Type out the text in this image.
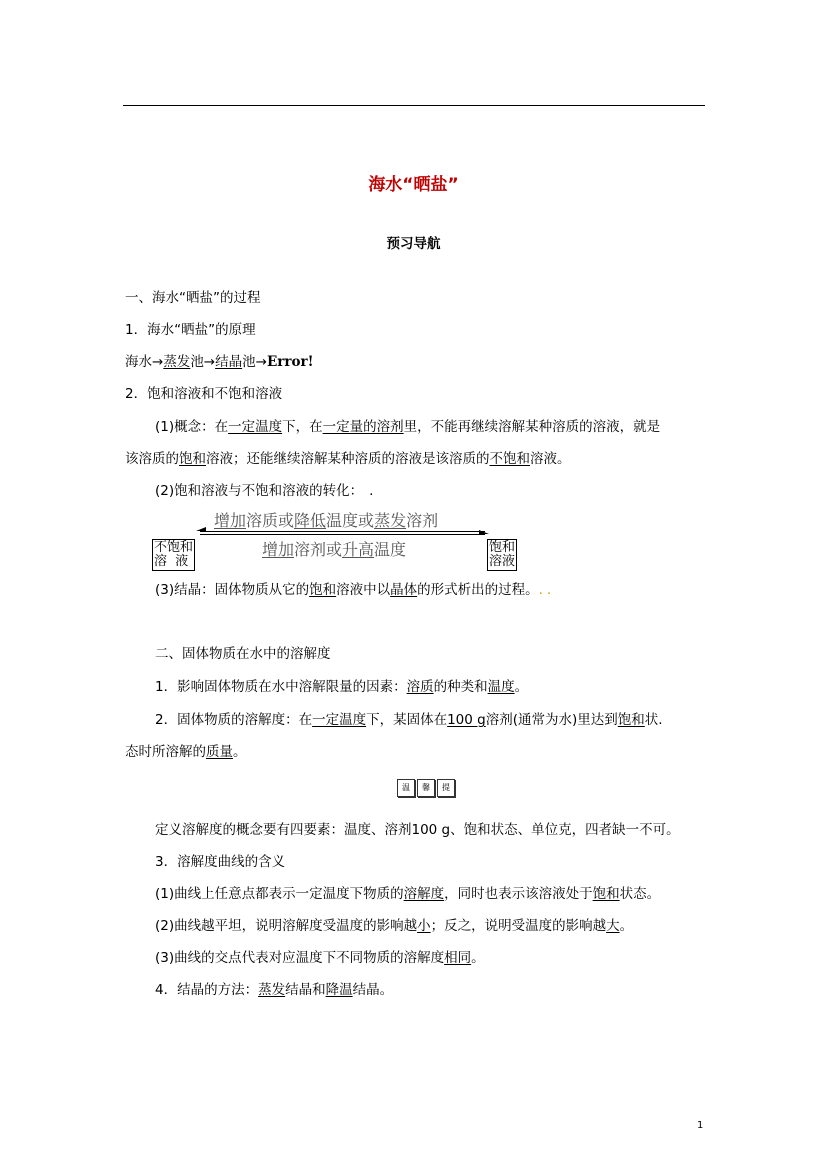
海水“晒盐”
预习导航
一、海水“晒盐”的过程
1．海水“晒盐”的原理
海水→蒸发池→结晶池→Error!
2．饱和溶液和不饱和溶液
(1)概念：在一定温度下，在一定量的溶剂里，不能再继续溶解某种溶质的溶液，就是
该溶质的饱和溶液；还能继续溶解某种溶质的溶液是该溶质的不饱和溶液。
(2)饱和溶液与不饱和溶液的转化： .
增加溶质或降低温度或蒸发溶剂
增加溶剂或升高温度
不饱和
溶  液
饱和
溶液
(3)结晶：固体物质从它的饱和溶液中以晶体的形式析出的过程。. .
二、固体物质在水中的溶解度
1．影响固体物质在水中溶解限量的因素：溶质的种类和温度。
2．固体物质的溶解度：在一定温度下，某固体在100 g溶剂(通常为水)里达到饱和状.
态时所溶解的质量。
温 馨 提
定义溶解度的概念要有四要素：温度、溶剂100 g、饱和状态、单位克，四者缺一不可。
3．溶解度曲线的含义
(1)曲线上任意点都表示一定温度下物质的溶解度，同时也表示该溶液处于饱和状态。
(2)曲线越平坦，说明溶解度受温度的影响越小；反之，说明受温度的影响越大。
(3)曲线的交点代表对应温度下不同物质的溶解度相同。
4．结晶的方法：蒸发结晶和降温结晶。
1
